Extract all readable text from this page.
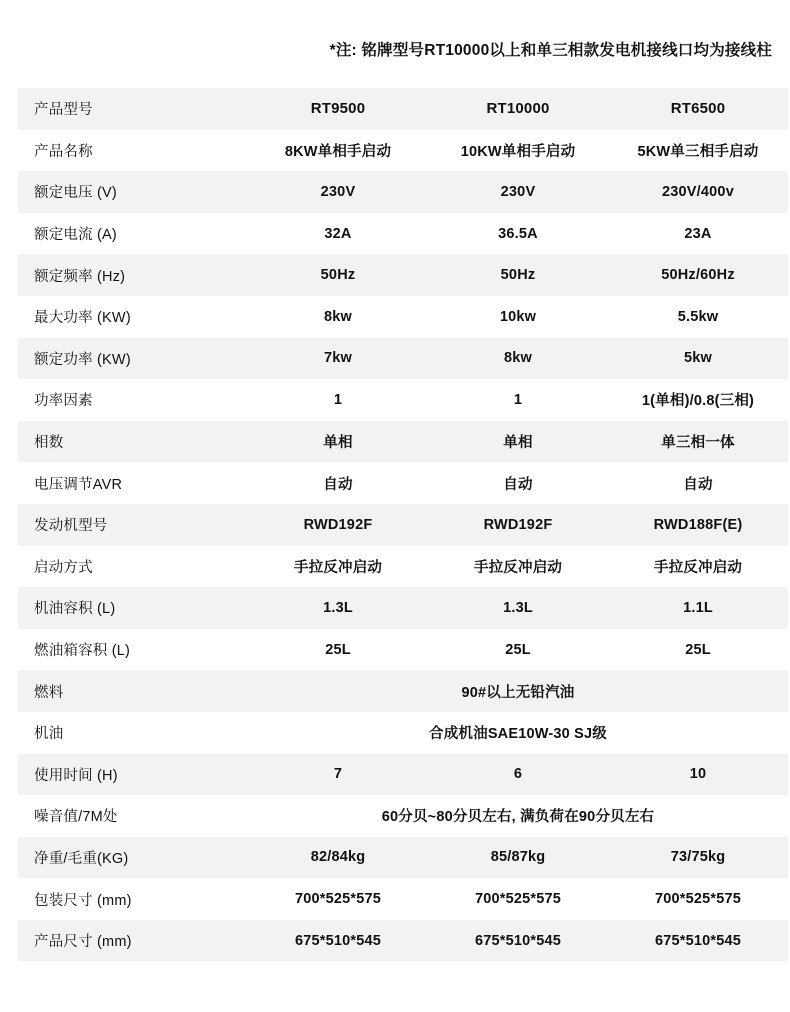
*注: 铭牌型号RT10000以上和单三相款发电机接线口均为接线柱
产品型号	RT9500	RT10000	RT6500
产品名称	8KW单相手启动	10KW单相手启动	5KW单三相手启动
额定电压 (V)	230V	230V	230V/400v
额定电流 (A)	32A	36.5A	23A
额定频率 (Hz)	50Hz	50Hz	50Hz/60Hz
最大功率 (KW)	8kw	10kw	5.5kw
额定功率 (KW)	7kw	8kw	5kw
功率因素	1	1	1(单相)/0.8(三相)
相数	单相	单相	单三相一体
电压调节AVR	自动	自动	自动
发动机型号	RWD192F	RWD192F	RWD188F(E)
启动方式	手拉反冲启动	手拉反冲启动	手拉反冲启动
机油容积 (L)	1.3L	1.3L	1.1L
燃油箱容积 (L)	25L	25L	25L
燃料	90#以上无铅汽油		
机油	合成机油SAE10W-30 SJ级		
使用时间 (H)	7	6	10
噪音值/7M处	60分贝~80分贝左右, 满负荷在90分贝左右		
净重/毛重(KG)	82/84kg	85/87kg	73/75kg
包装尺寸 (mm)	700*525*575	700*525*575	700*525*575
产品尺寸 (mm)	675*510*545	675*510*545	675*510*545
